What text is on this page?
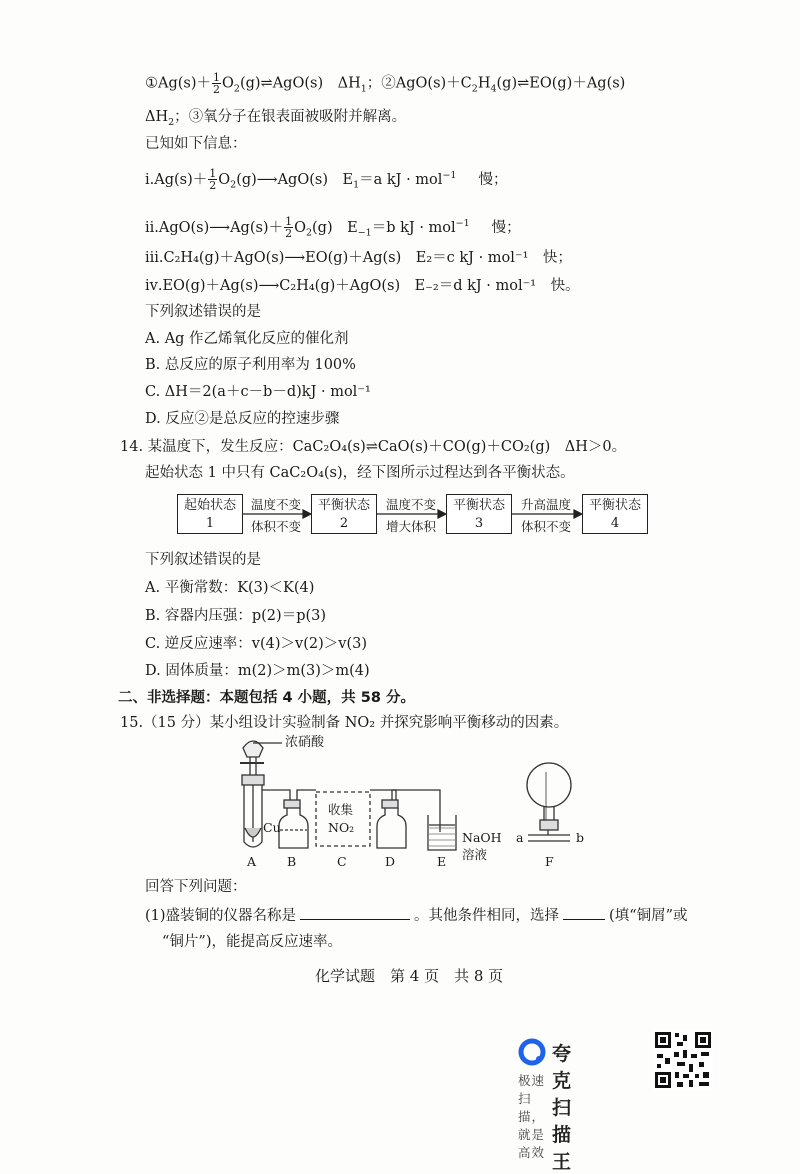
①Ag(s)＋ $\frac{1}{2}$ $O_2(g)\rightleftharpoons AgO(s)$　$\Delta H_1$；$②AgO(s)+C_2H_4(g)\rightleftharpoons EO(g)+Ag(s)$
$\Delta H_2$；③氧分子在银表面被吸附并解离。
已知如下信息：
ⅰ.Ag(s)＋ $\frac{1}{2}$ $O_2(g)⟶AgO(s)$　$E_1=a$ kJ · mol$^{-1}$ 慢；
ⅱ.AgO(s)⟶Ag(s)＋ $\frac{1}{2} O_2(g)$　$E_{-1}=b$ kJ · mol$^{-1}$ 慢；
ⅲ.C₂H₄(g)＋AgO(s)⟶EO(g)＋Ag(s)　E₂＝c kJ · mol⁻¹　快；
ⅳ.EO(g)＋Ag(s)⟶C₂H₄(g)＋AgO(s)　E₋₂＝d kJ · mol⁻¹　快。
下列叙述错误的是
A. Ag 作乙烯氧化反应的催化剂
B. 总反应的原子利用率为 100%
C. ΔH＝2(a＋c－b－d)kJ · mol⁻¹
D. 反应②是总反应的控速步骤
14. 某温度下，发生反应：CaC₂O₄(s)⇌CaO(s)＋CO(g)＋CO₂(g)　ΔH＞0。
起始状态 1 中只有 CaC₂O₄(s)，经下图所示过程达到各平衡状态。
起始状态
1
平衡状态
2
平衡状态
3
平衡状态
4
温度不变
体积不变
温度不变
增大体积
升高温度
体积不变
下列叙述错误的是
A. 平衡常数：K(3)＜K(4)
B. 容器内压强：p(2)＝p(3)
C. 逆反应速率：v(4)＞v(2)＞v(3)
D. 固体质量：m(2)＞m(3)＞m(4)
二、非选择题：本题包括 4 小题，共 58 分。
15.（15 分）某小组设计实验制备 NO₂ 并探究影响平衡移动的因素。
浓硝酸
Cu
收集
NO₂
NaOH
溶液
a	b
A B	C	D	E	F
回答下列问题：
(1)盛装铜的仪器名称是	。其他条件相同，选择	(填“铜屑”或
“铜片”)，能提高反应速率。
化学试题　第 4 页　共 8 页
夸克扫描王
极速扫描，就是高效
